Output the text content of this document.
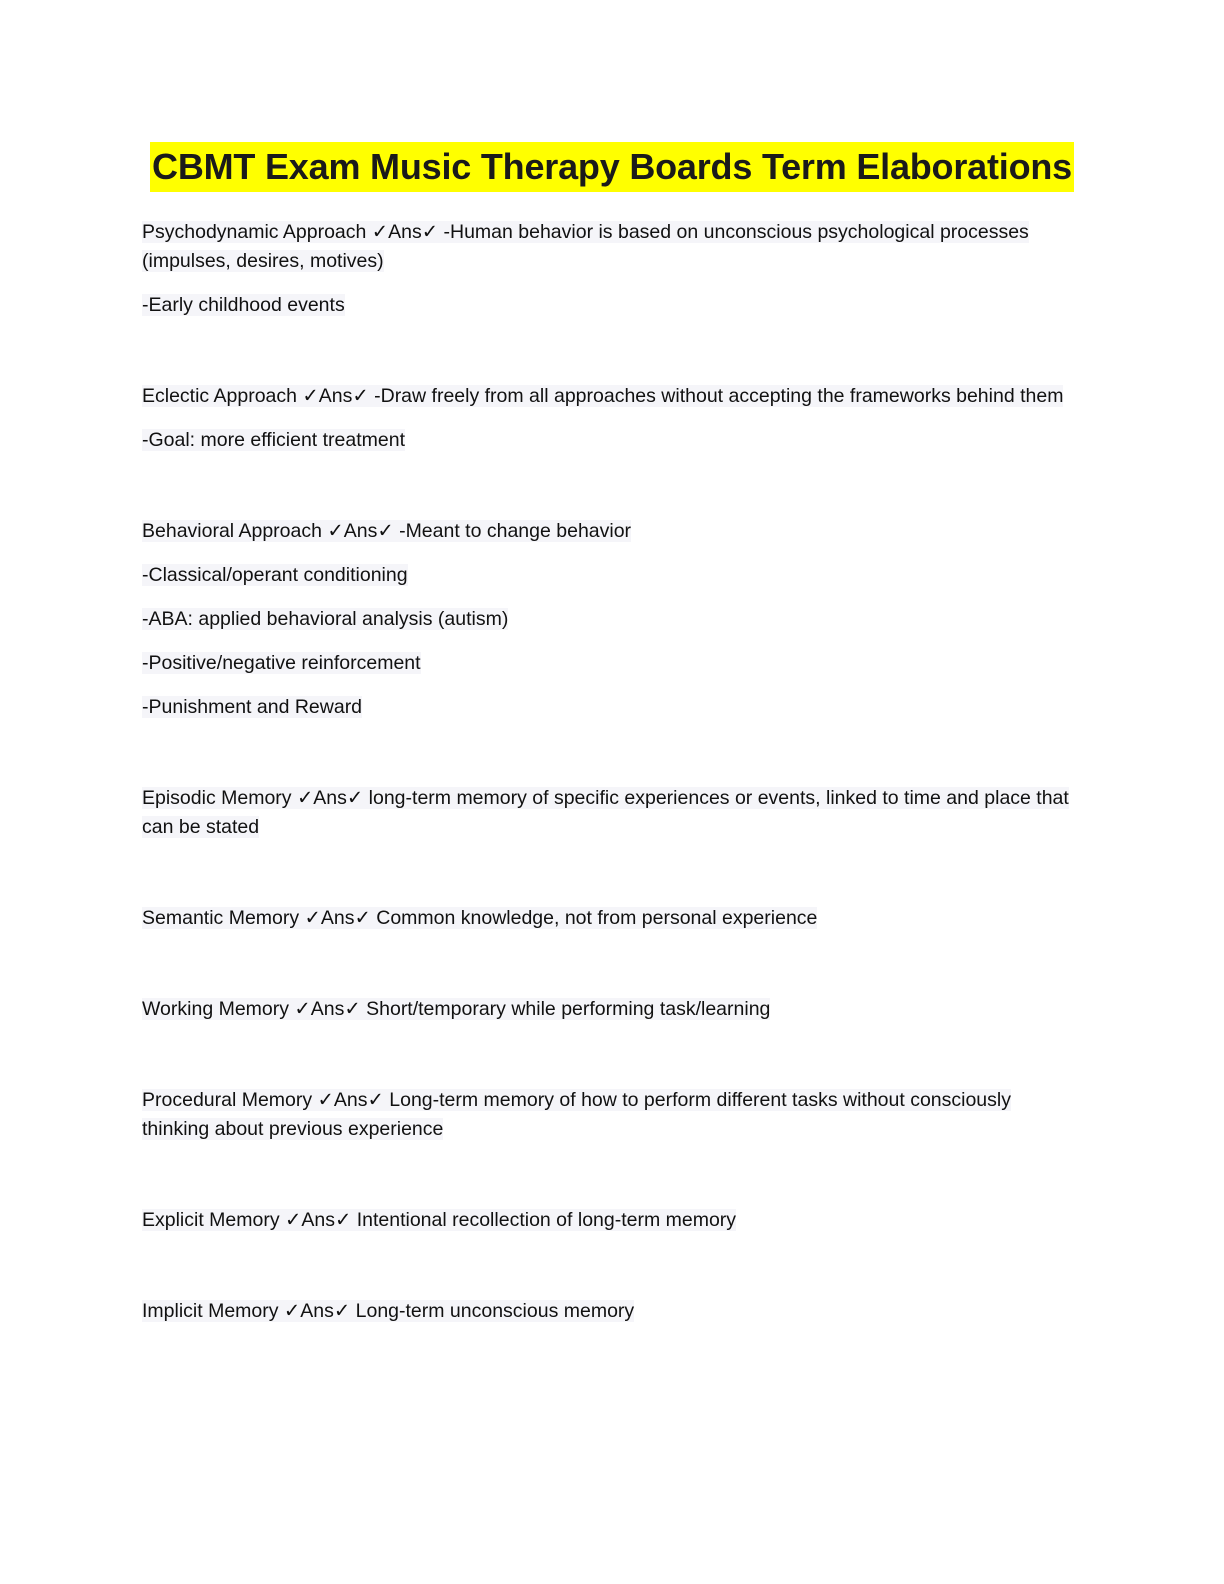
CBMT Exam Music Therapy Boards Term Elaborations

Psychodynamic Approach ✓Ans✓ -Human behavior is based on unconscious psychological processes (impulses, desires, motives)

-Early childhood events

Eclectic Approach ✓Ans✓ -Draw freely from all approaches without accepting the frameworks behind them

-Goal: more efficient treatment

Behavioral Approach ✓Ans✓ -Meant to change behavior

-Classical/operant conditioning

-ABA: applied behavioral analysis (autism)

-Positive/negative reinforcement

-Punishment and Reward

Episodic Memory ✓Ans✓ long-term memory of specific experiences or events, linked to time and place that can be stated

Semantic Memory ✓Ans✓ Common knowledge, not from personal experience

Working Memory ✓Ans✓ Short/temporary while performing task/learning

Procedural Memory ✓Ans✓ Long-term memory of how to perform different tasks without consciously thinking about previous experience

Explicit Memory ✓Ans✓ Intentional recollection of long-term memory

Implicit Memory ✓Ans✓ Long-term unconscious memory
